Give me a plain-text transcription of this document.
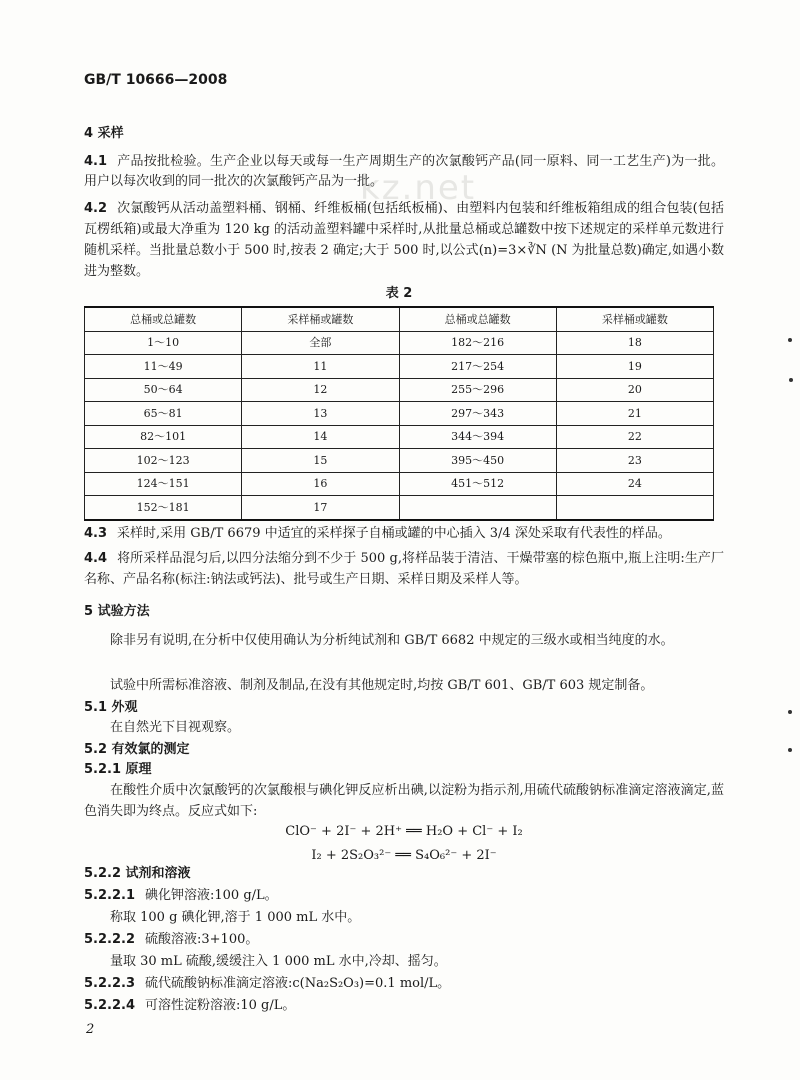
kz.net
GB/T 10666—2008
4 采样
4.1 产品按批检验。生产企业以每天或每一生产周期生产的次氯酸钙产品(同一原料、同一工艺生产)为一批。用户以每次收到的同一批次的次氯酸钙产品为一批。
4.2 次氯酸钙从活动盖塑料桶、钢桶、纤维板桶(包括纸板桶)、由塑料内包装和纤维板箱组成的组合包装(包括瓦楞纸箱)或最大净重为 120 kg 的活动盖塑料罐中采样时,从批量总桶或总罐数中按下述规定的采样单元数进行随机采样。当批量总数小于 500 时,按表 2 确定;大于 500 时,以公式(n)=3×∛N (N 为批量总数)确定,如遇小数进为整数。
表 2
总桶或总罐数	采样桶或罐数	总桶或总罐数	采样桶或罐数
1～10	全部	182～216	18
11～49	11	217～254	19
50～64	12	255～296	20
65～81	13	297～343	21
82～101	14	344～394	22
102～123	15	395～450	23
124～151	16	451～512	24
152～181	17		
4.3 采样时,采用 GB/T 6679 中适宜的采样探子自桶或罐的中心插入 3/4 深处采取有代表性的样品。
4.4 将所采样品混匀后,以四分法缩分到不少于 500 g,将样品装于清洁、干燥带塞的棕色瓶中,瓶上注明:生产厂名称、产品名称(标注:钠法或钙法)、批号或生产日期、采样日期及采样人等。
5 试验方法
除非另有说明,在分析中仅使用确认为分析纯试剂和 GB/T 6682 中规定的三级水或相当纯度的水。
试验中所需标准溶液、制剂及制品,在没有其他规定时,均按 GB/T 601、GB/T 603 规定制备。
5.1 外观
在自然光下目视观察。
5.2 有效氯的测定
5.2.1 原理
在酸性介质中次氯酸钙的次氯酸根与碘化钾反应析出碘,以淀粉为指示剂,用硫代硫酸钠标准滴定溶液滴定,蓝色消失即为终点。反应式如下:
ClO⁻ + 2I⁻ + 2H⁺ ══ H₂O + Cl⁻ + I₂
I₂ + 2S₂O₃²⁻ ══ S₄O₆²⁻ + 2I⁻
5.2.2 试剂和溶液
5.2.2.1 碘化钾溶液:100 g/L。
称取 100 g 碘化钾,溶于 1 000 mL 水中。
5.2.2.2 硫酸溶液:3+100。
量取 30 mL 硫酸,缓缓注入 1 000 mL 水中,冷却、摇匀。
5.2.2.3 硫代硫酸钠标准滴定溶液:c(Na₂S₂O₃)=0.1 mol/L。
5.2.2.4 可溶性淀粉溶液:10 g/L。
2
